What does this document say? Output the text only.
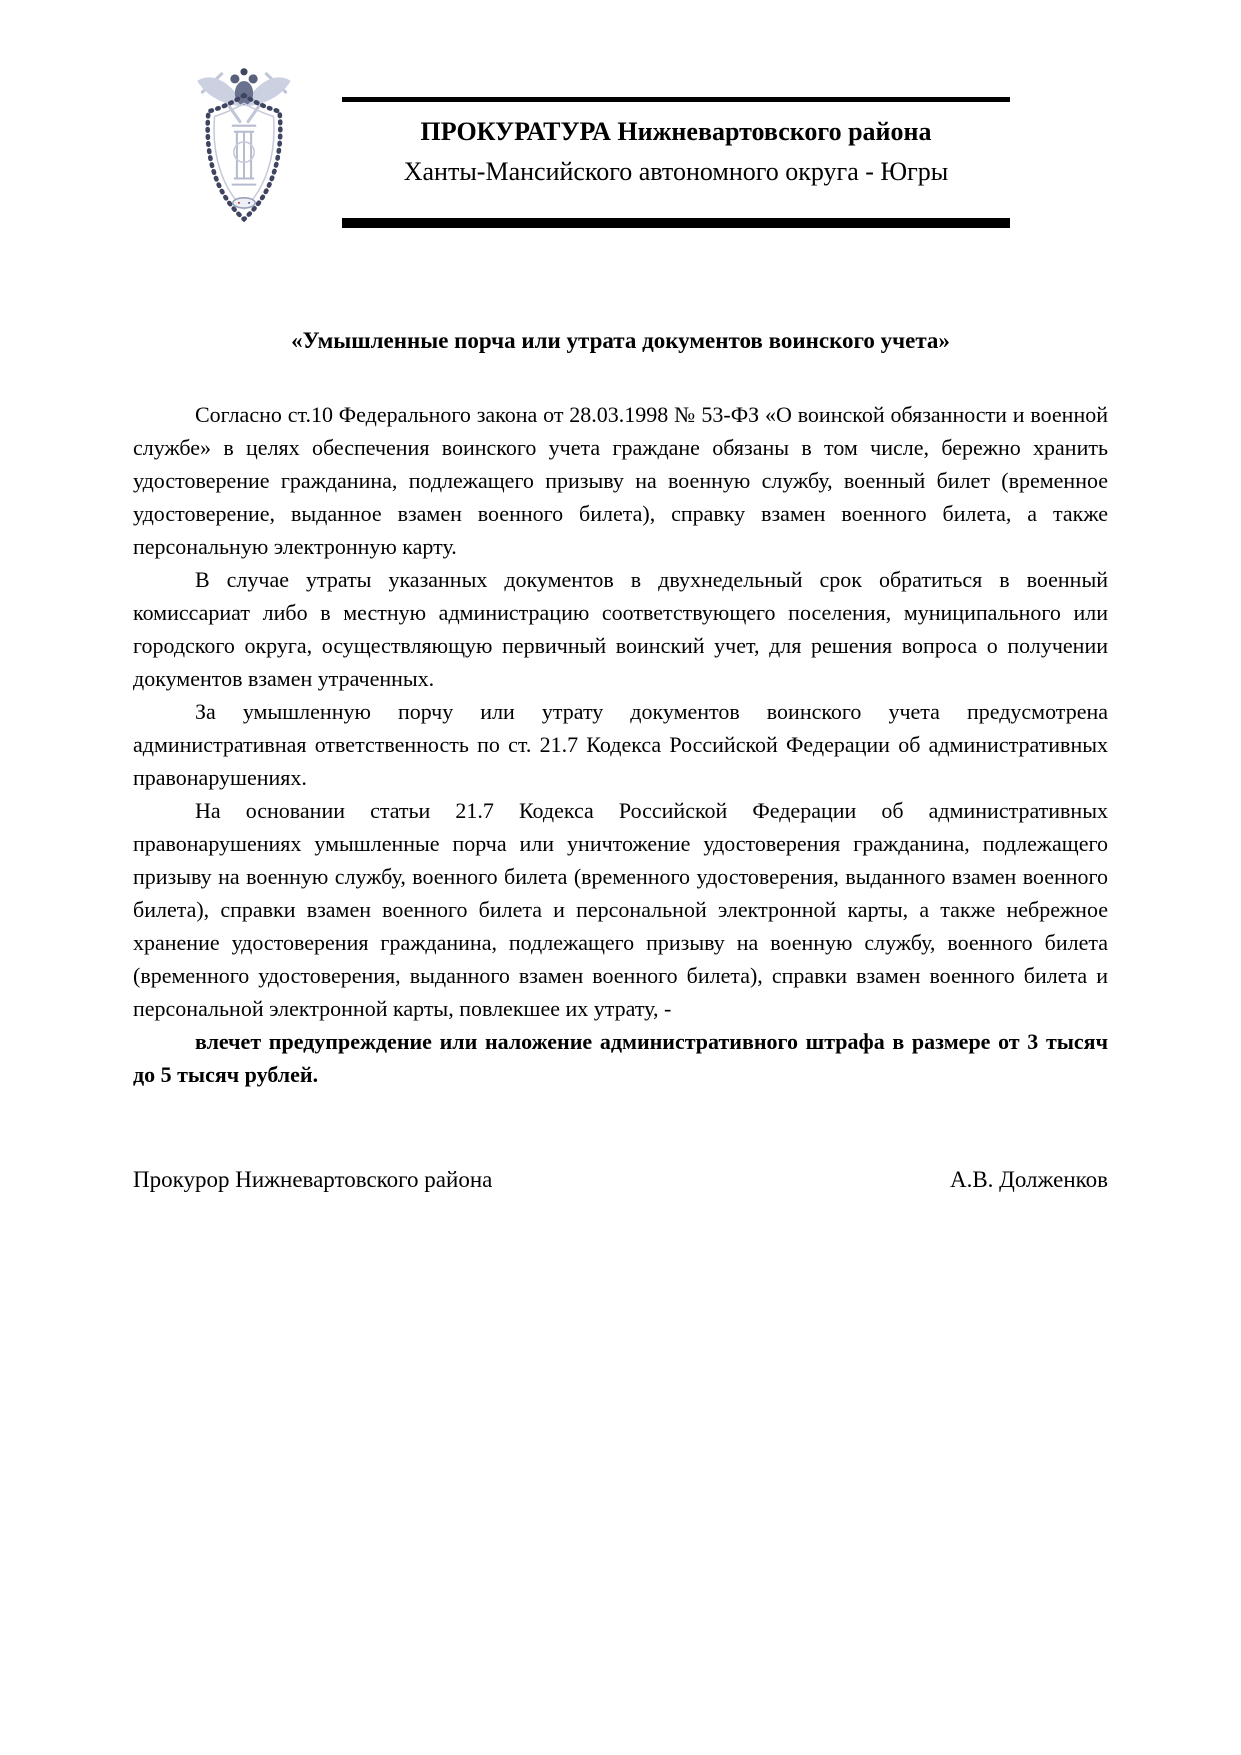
ПРОКУРАТУРА Нижневартовского района
Ханты-Мансийского автономного округа - Югры
«Умышленные порча или утрата документов воинского учета»

Согласно ст.10 Федерального закона от 28.03.1998 № 53-ФЗ «О воинской обязанности и военной службе» в целях обеспечения воинского учета граждане обязаны в том числе, бережно хранить удостоверение гражданина, подлежащего призыву на военную службу, военный билет (временное удостоверение, выданное взамен военного билета), справку взамен военного билета, а также персональную электронную карту.

В случае утраты указанных документов в двухнедельный срок обратиться в военный комиссариат либо в местную администрацию соответствующего поселения, муниципального или городского округа, осуществляющую первичный воинский учет, для решения вопроса о получении документов взамен утраченных.

За умышленную порчу или утрату документов воинского учета предусмотрена административная ответственность по ст. 21.7 Кодекса Российской Федерации об административных правонарушениях.

На основании статьи 21.7 Кодекса Российской Федерации об административных правонарушениях умышленные порча или уничтожение удостоверения гражданина, подлежащего призыву на военную службу, военного билета (временного удостоверения, выданного взамен военного билета), справки взамен военного билета и персональной электронной карты, а также небрежное хранение удостоверения гражданина, подлежащего призыву на военную службу, военного билета (временного удостоверения, выданного взамен военного билета), справки взамен военного билета и персональной электронной карты, повлекшее их утрату, -

влечет предупреждение или наложение административного штрафа в размере от 3 тысяч до 5 тысяч рублей.

Прокурор Нижневартовского района	А.В. Долженков
